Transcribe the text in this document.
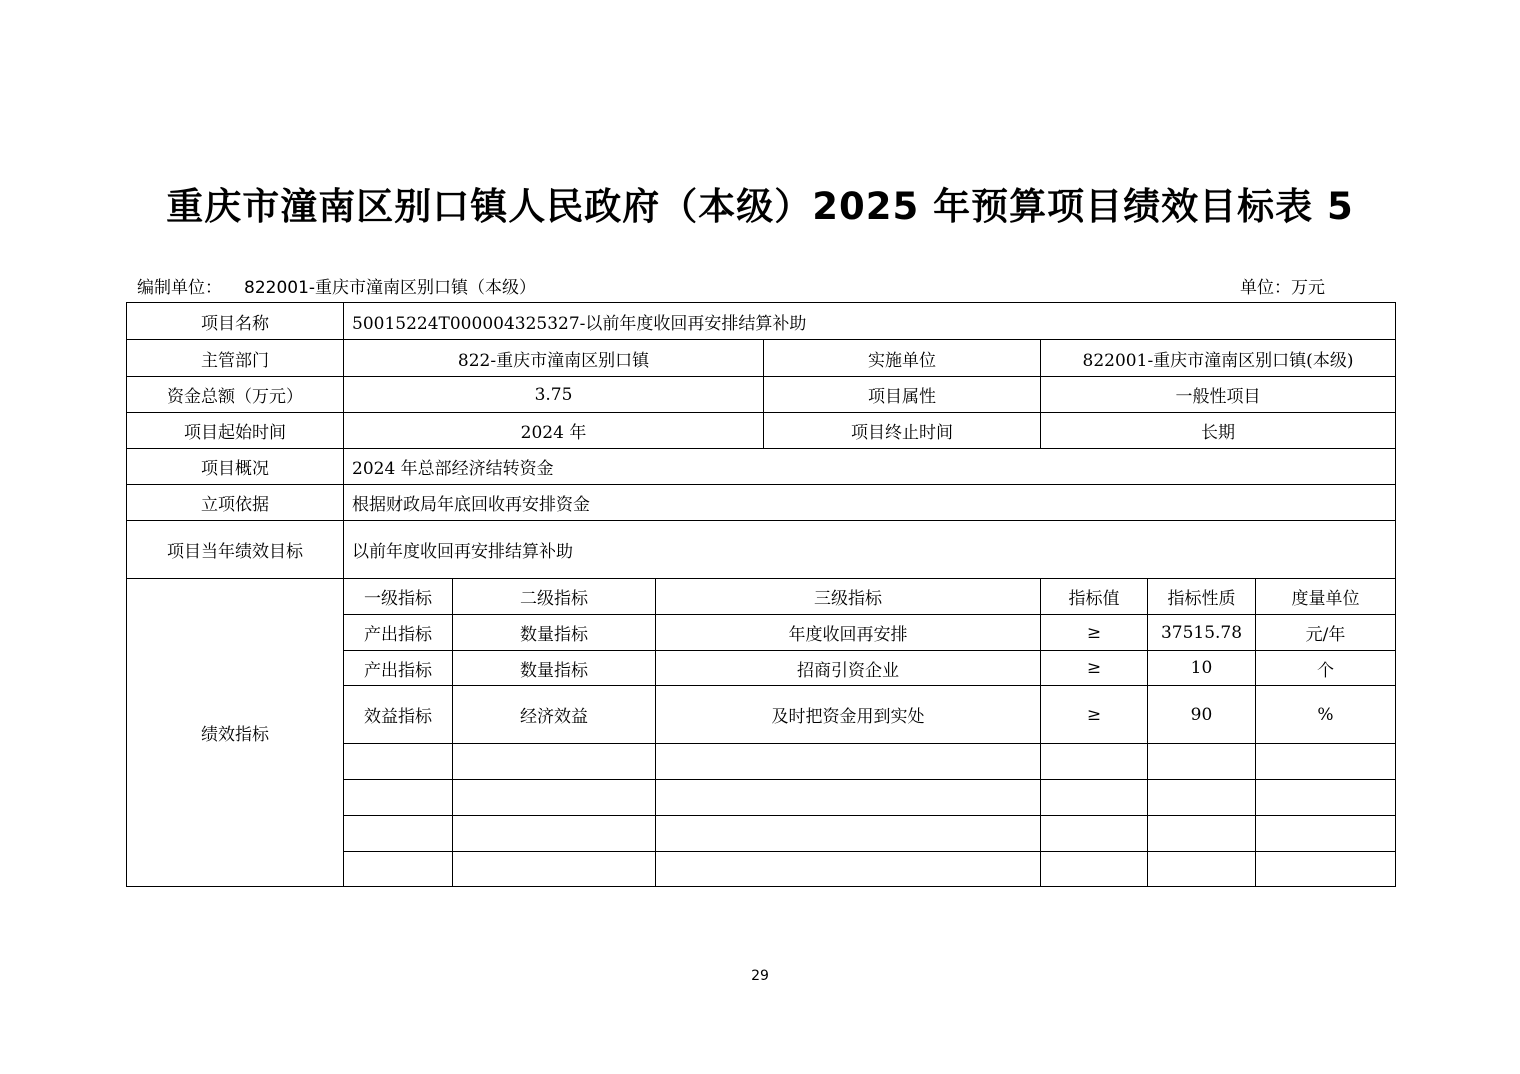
重庆市潼南区别口镇人民政府（本级）2025 年预算项目绩效目标表 5
编制单位： 822001-重庆市潼南区别口镇（本级）	单位：万元
项目名称	50015224T000004325327-以前年度收回再安排结算补助						
主管部门	822-重庆市潼南区别口镇			实施单位	822001-重庆市潼南区别口镇(本级)		
资金总额（万元）	3.75			项目属性	一般性项目		
项目起始时间	2024 年			项目终止时间	长期		
项目概况	2024 年总部经济结转资金						
立项依据	根据财政局年底回收再安排资金						
项目当年绩效目标	以前年度收回再安排结算补助						
绩效指标	一级指标	二级指标	三级指标		指标值	指标性质	度量单位
	产出指标	数量指标	年度收回再安排		≥	37515.78	元/年
	产出指标	数量指标	招商引资企业		≥	10	个
	效益指标	经济效益	及时把资金用到实处		≥	90	%

29
